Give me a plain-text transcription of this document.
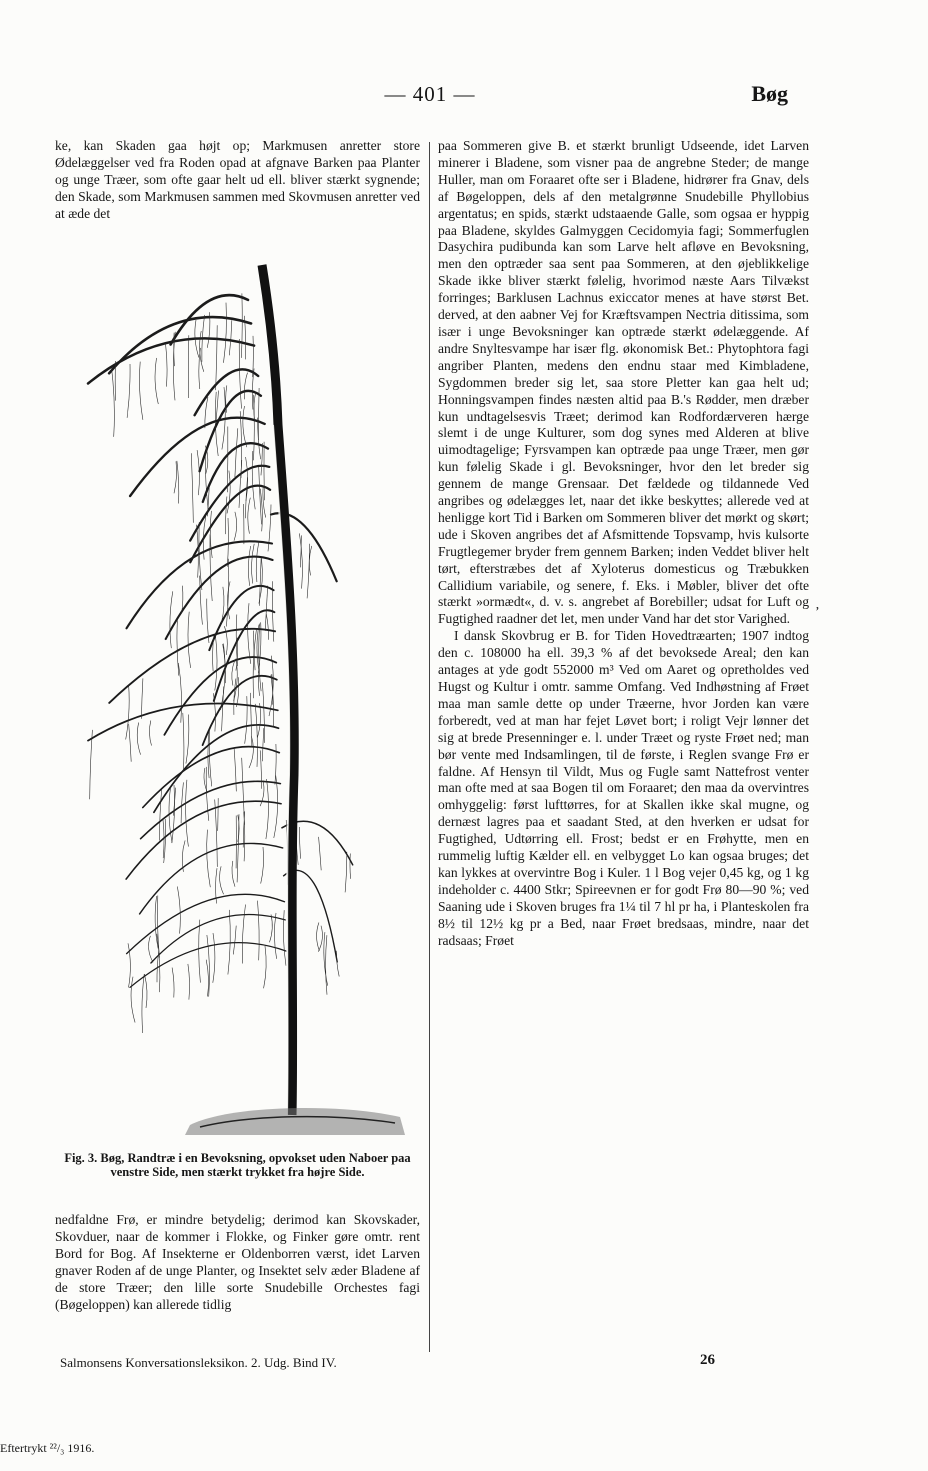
— 401 —	Bøg

ke, kan Skaden gaa højt op; Markmusen anretter store Ødelæggelser ved fra Roden opad at afgnave Barken paa Planter og unge Træer, som ofte gaar helt ud ell. bliver stærkt sygnende; den Skade, som Markmusen sammen med Skovmusen anretter ved at æde det

Fig. 3. Bøg, Randtræ i en Bevoksning, opvokset uden Naboer paa venstre Side, men stærkt trykket fra højre Side.

nedfaldne Frø, er mindre betydelig; derimod kan Skovskader, Skovduer, naar de kommer i Flokke, og Finker gøre omtr. rent Bord for Bog. Af Insekterne er Oldenborren værst, idet Larven gnaver Roden af de unge Planter, og Insektet selv æder Bladene af de store Træer; den lille sorte Snudebille Orchestes fagi (Bøgeloppen) kan allerede tidlig

paa Sommeren give B. et stærkt brunligt Udseende, idet Larven minerer i Bladene, som visner paa de angrebne Steder; de mange Huller, man om Foraaret ofte ser i Bladene, hidrører fra Gnav, dels af Bøgeloppen, dels af den metalgrønne Snudebille Phyllobius argentatus; en spids, stærkt udstaaende Galle, som ogsaa er hyppig paa Bladene, skyldes Galmyggen Cecidomyia fagi; Sommerfuglen Dasychira pudibunda kan som Larve helt afløve en Bevoksning, men den optræder saa sent paa Sommeren, at den øjeblikkelige Skade ikke bliver stærkt følelig, hvorimod næste Aars Tilvækst forringes; Barklusen Lachnus exiccator menes at have størst Bet. derved, at den aabner Vej for Kræftsvampen Nectria ditissima, som især i unge Bevoksninger kan optræde stærkt ødelæggende. Af andre Snyltesvampe har især flg. økonomisk Bet.: Phytophtora fagi angriber Planten, medens den endnu staar med Kimbladene, Sygdommen breder sig let, saa store Pletter kan gaa helt ud; Honningsvampen findes næsten altid paa B.'s Rødder, men dræber kun undtagelsesvis Træet; derimod kan Rodfordærveren hærge slemt i de unge Kulturer, som dog synes med Alderen at blive uimodtagelige; Fyrsvampen kan optræde paa unge Træer, men gør kun følelig Skade i gl. Bevoksninger, hvor den let breder sig gennem de mange Grensaar. Det fældede og tildannede Ved angribes og ødelægges let, naar det ikke beskyttes; allerede ved at henligge kort Tid i Barken om Sommeren bliver det mørkt og skørt; ude i Skoven angribes det af Afsmittende Topsvamp, hvis kulsorte Frugtlegemer bryder frem gennem Barken; inden Veddet bliver helt tørt, efterstræbes det af Xyloterus domesticus og Træbukken Callidium variabile, og senere, f. Eks. i Møbler, bliver det ofte stærkt »ormædt«, d. v. s. angrebet af Borebiller; udsat for Luft og Fugtighed raadner det let, men under Vand har det stor Varighed.

I dansk Skovbrug er B. for Tiden Hovedtræarten; 1907 indtog den c. 108000 ha ell. 39,3 % af det bevoksede Areal; den kan antages at yde godt 552000 m³ Ved om Aaret og opretholdes ved Hugst og Kultur i omtr. samme Omfang. Ved Indhøstning af Frøet maa man samle dette op under Træerne, hvor Jorden kan være forberedt, ved at man har fejet Løvet bort; i roligt Vejr lønner det sig at brede Presenninger e. l. under Træet og ryste Frøet ned; man bør vente med Indsamlingen, til de første, i Reglen svange Frø er faldne. Af Hensyn til Vildt, Mus og Fugle samt Nattefrost venter man ofte med at saa Bogen til om Foraaret; den maa da overvintres omhyggelig: først lufttørres, for at Skallen ikke skal mugne, og dernæst lagres paa et saadant Sted, at den hverken er udsat for Fugtighed, Udtørring ell. Frost; bedst er en Frøhytte, men en rummelig luftig Kælder ell. en velbygget Lo kan ogsaa bruges; det kan lykkes at overvintre Bog i Kuler. 1 l Bog vejer 0,45 kg, og 1 kg indeholder c. 4400 Stkr; Spireevnen er for godt Frø 80—90 %; ved Saaning ude i Skoven bruges fra 1¼ til 7 hl pr ha, i Planteskolen fra 8½ til 12½ kg pr a Bed, naar Frøet bredsaas, mindre, naar det radsaas; Frøet

ʼ
Salmonsens Konversationsleksikon. 2. Udg. Bind IV.	26
Eftertrykt ²²/₃ 1916.
